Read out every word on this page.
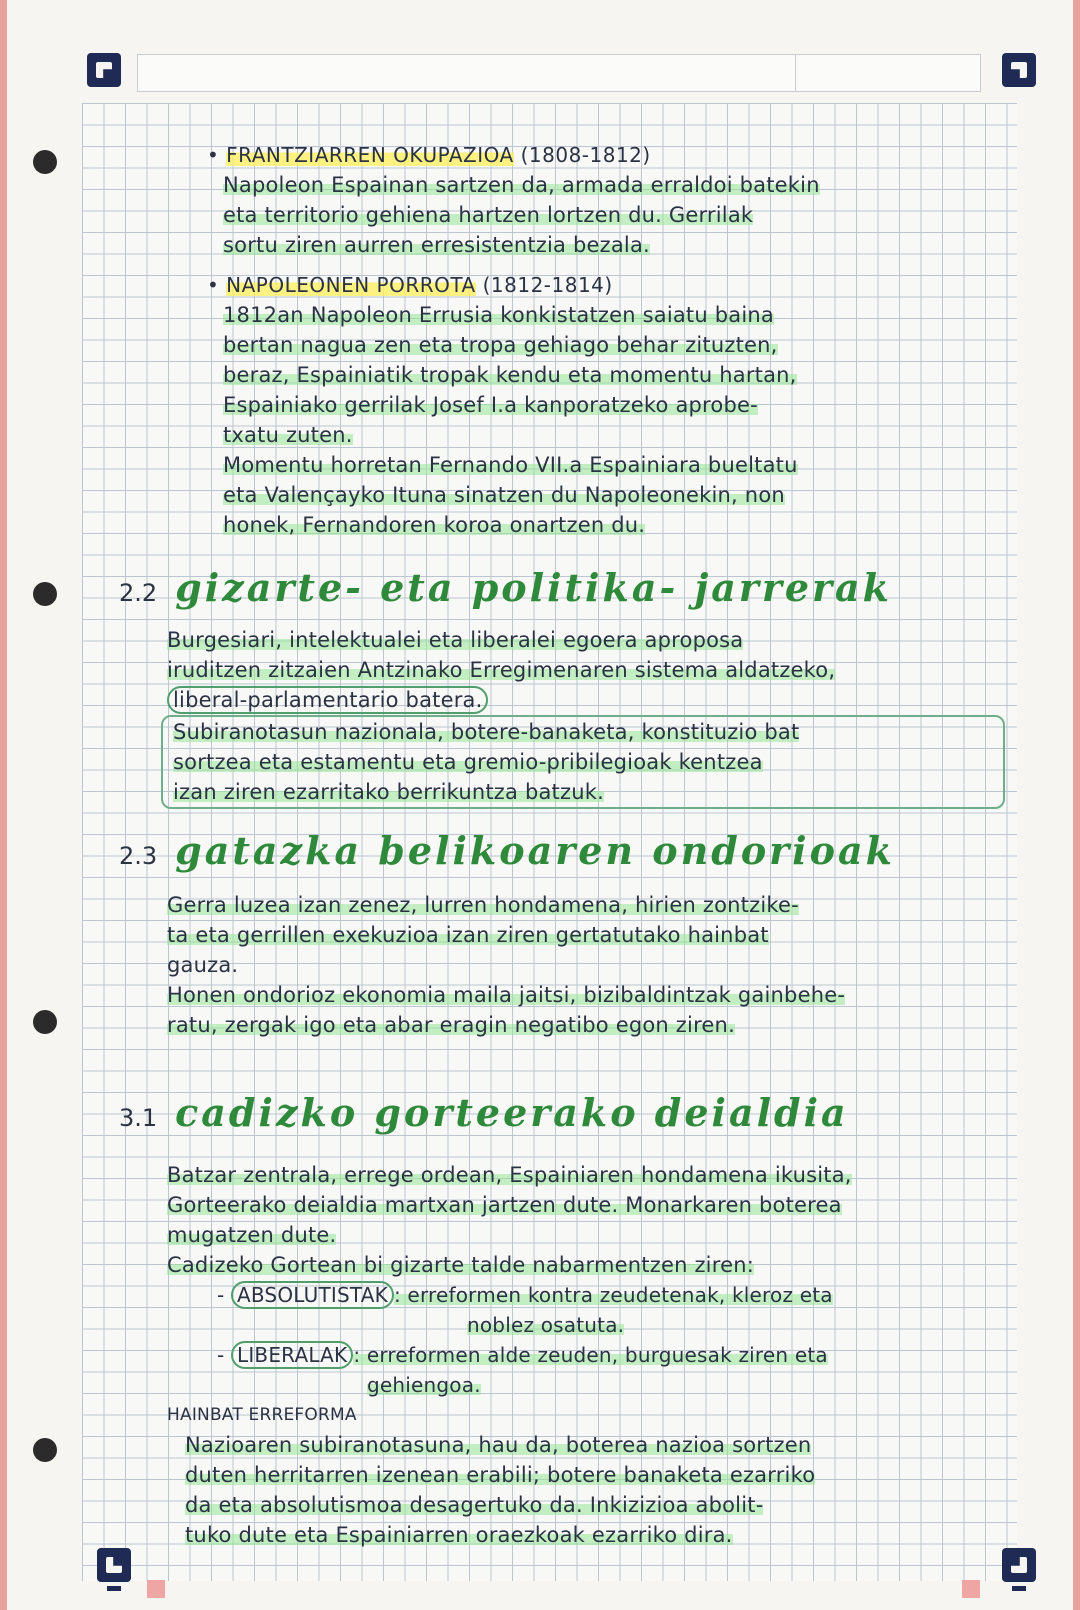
• FRANTZIARREN OKUPAZIOA (1808-1812)
Napoleon Espainan sartzen da, armada erraldoi batekin
eta territorio gehiena hartzen lortzen du. Gerrilak
sortu ziren aurren erresistentzia bezala.
• NAPOLEONEN PORROTA (1812-1814)
1812an Napoleon Errusia konkistatzen saiatu baina
bertan nagua zen eta tropa gehiago behar zituzten,
beraz, Espainiatik tropak kendu eta momentu hartan,
Espainiako gerrilak Josef I.a kanporatzeko aprobe-
txatu zuten.
Momentu horretan Fernando VII.a Espainiara bueltatu
eta Valençayko Ituna sinatzen du Napoleonekin, non
honek, Fernandoren koroa onartzen du.
2.2 gizarte- eta politika- jarrerak
Burgesiari, intelektualei eta liberalei egoera aproposa
iruditzen zitzaien Antzinako Erregimenaren sistema aldatzeko,
liberal-parlamentario batera.
Subiranotasun nazionala, botere-banaketa, konstituzio bat
sortzea eta estamentu eta gremio-pribilegioak kentzea
izan ziren ezarritako berrikuntza batzuk.
2.3 gatazka belikoaren ondorioak
Gerra luzea izan zenez, lurren hondamena, hirien zontzike-
ta eta gerrillen exekuzioa izan ziren gertatutako hainbat
gauza.
Honen ondorioz ekonomia maila jaitsi, bizibaldintzak gainbehe-
ratu, zergak igo eta abar eragin negatibo egon ziren.
3.1 cadizko gorteerako deialdia
Batzar zentrala, errege ordean, Espainiaren hondamena ikusita,
Gorteerako deialdia martxan jartzen dute. Monarkaren boterea
mugatzen dute.
Cadizeko Gortean bi gizarte talde nabarmentzen ziren:
- ABSOLUTISTAK : erreformen kontra zeudetenak, kleroz eta
noblez osatuta.
- LIBERALAK : erreformen alde zeuden, burguesak ziren eta
gehiengoa.
HAINBAT ERREFORMA
Nazioaren subiranotasuna, hau da, boterea nazioa sortzen
duten herritarren izenean erabili; botere banaketa ezarriko
da eta absolutismoa desagertuko da. Inkizizioa abolit-
tuko dute eta Espainiarren oraezkoak ezarriko dira.
